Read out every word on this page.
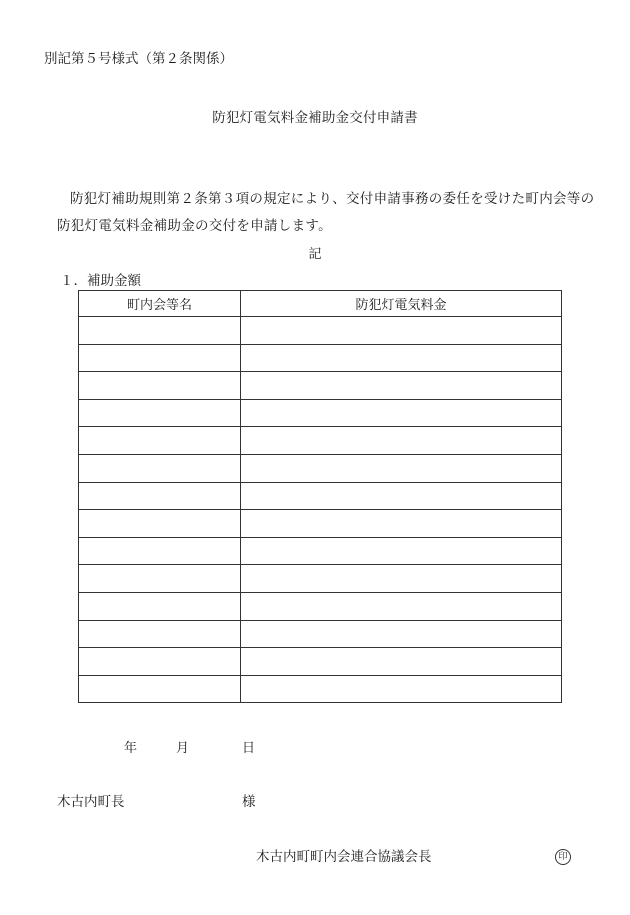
別記第５号様式（第２条関係）
防犯灯電気料金補助金交付申請書
防犯灯補助規則第２条第３項の規定により、交付申請事務の委任を受けた町内会等の
防犯灯電気料金補助金の交付を申請します。
記
１．補助金額
町内会等名	防犯灯電気料金

年	月	日
木古内町長	様
木古内町町内会連合協議会長	印
